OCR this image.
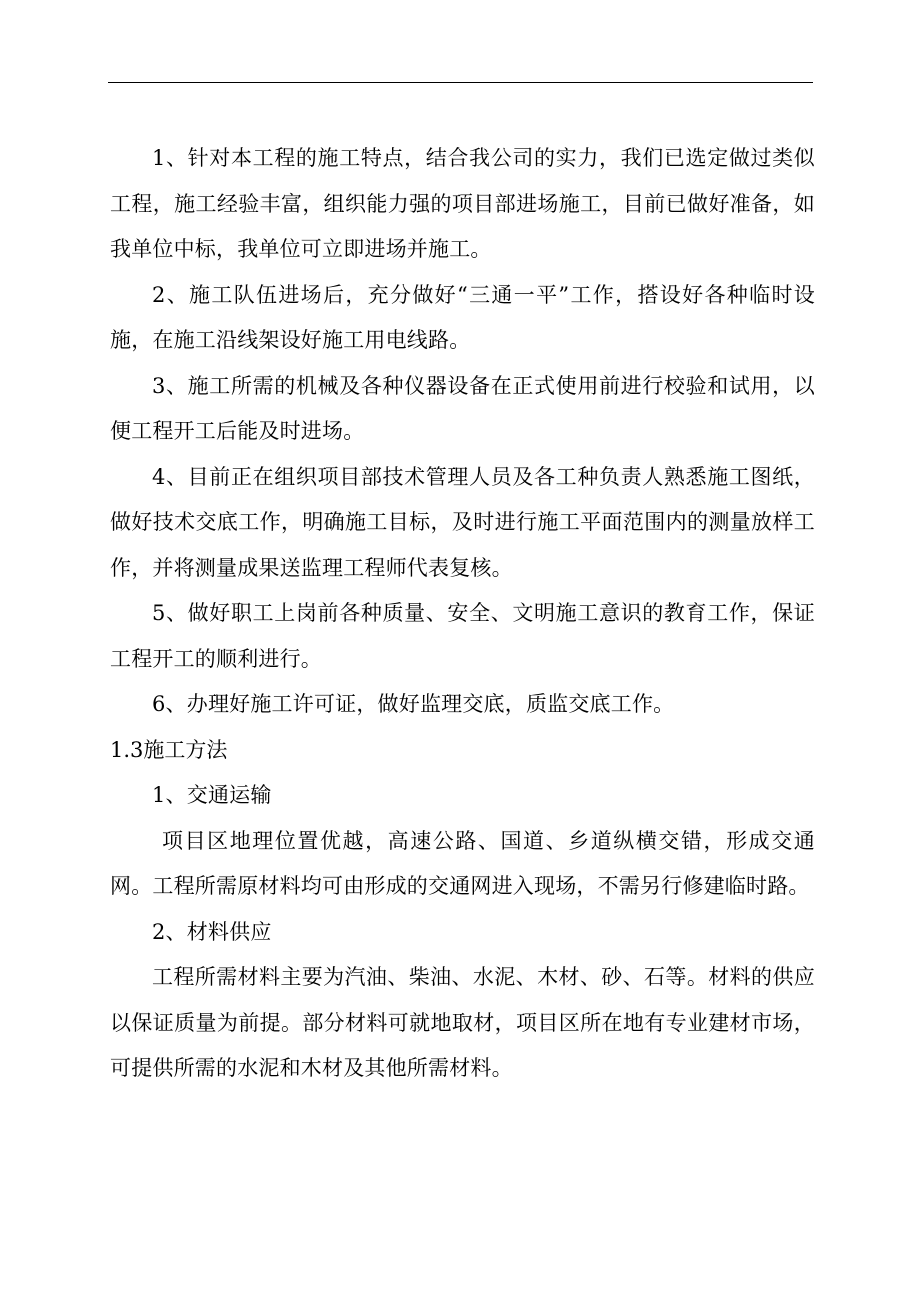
1、针对本工程的施工特点，结合我公司的实力，我们已选定做过类似工程，施工经验丰富，组织能力强的项目部进场施工，目前已做好准备，如我单位中标，我单位可立即进场并施工。

2、施工队伍进场后，充分做好“三通一平”工作，搭设好各种临时设施，在施工沿线架设好施工用电线路。

3、施工所需的机械及各种仪器设备在正式使用前进行校验和试用，以便工程开工后能及时进场。

4、目前正在组织项目部技术管理人员及各工种负责人熟悉施工图纸，做好技术交底工作，明确施工目标，及时进行施工平面范围内的测量放样工作，并将测量成果送监理工程师代表复核。

5、做好职工上岗前各种质量、安全、文明施工意识的教育工作，保证工程开工的顺利进行。

6、办理好施工许可证，做好监理交底，质监交底工作。

1.3施工方法

1、交通运输

项目区地理位置优越，高速公路、国道、乡道纵横交错，形成交通网。工程所需原材料均可由形成的交通网进入现场，不需另行修建临时路。

2、材料供应

工程所需材料主要为汽油、柴油、水泥、木材、砂、石等。材料的供应以保证质量为前提。部分材料可就地取材，项目区所在地有专业建材市场，可提供所需的水泥和木材及其他所需材料。
